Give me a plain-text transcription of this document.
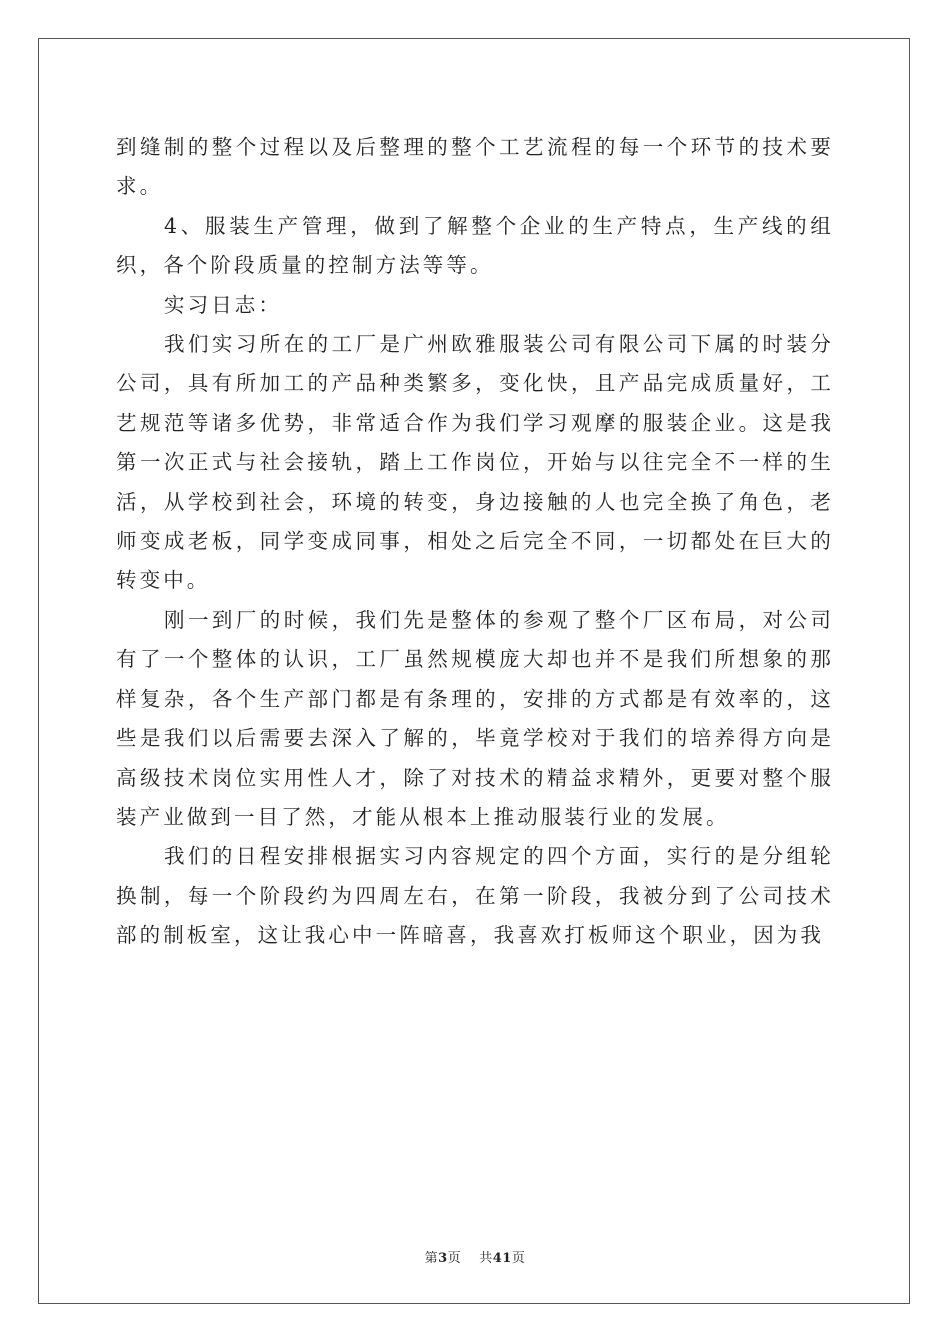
到缝制的整个过程以及后整理的整个工艺流程的每一个环节的技术要求。

4、服装生产管理，做到了解整个企业的生产特点，生产线的组织，各个阶段质量的控制方法等等。

实习日志：

我们实习所在的工厂是广州欧雅服装公司有限公司下属的时装分公司，具有所加工的产品种类繁多，变化快，且产品完成质量好，工艺规范等诸多优势，非常适合作为我们学习观摩的服装企业。这是我第一次正式与社会接轨，踏上工作岗位，开始与以往完全不一样的生活，从学校到社会，环境的转变，身边接触的人也完全换了角色，老师变成老板，同学变成同事，相处之后完全不同，一切都处在巨大的转变中。

刚一到厂的时候，我们先是整体的参观了整个厂区布局，对公司有了一个整体的认识，工厂虽然规模庞大却也并不是我们所想象的那样复杂，各个生产部门都是有条理的，安排的方式都是有效率的，这些是我们以后需要去深入了解的，毕竟学校对于我们的培养得方向是高级技术岗位实用性人才，除了对技术的精益求精外，更要对整个服装产业做到一目了然，才能从根本上推动服装行业的发展。

我们的日程安排根据实习内容规定的四个方面，实行的是分组轮换制，每一个阶段约为四周左右，在第一阶段，我被分到了公司技术部的制板室，这让我心中一阵暗喜，我喜欢打板师这个职业，因为我

第3页 共41页
